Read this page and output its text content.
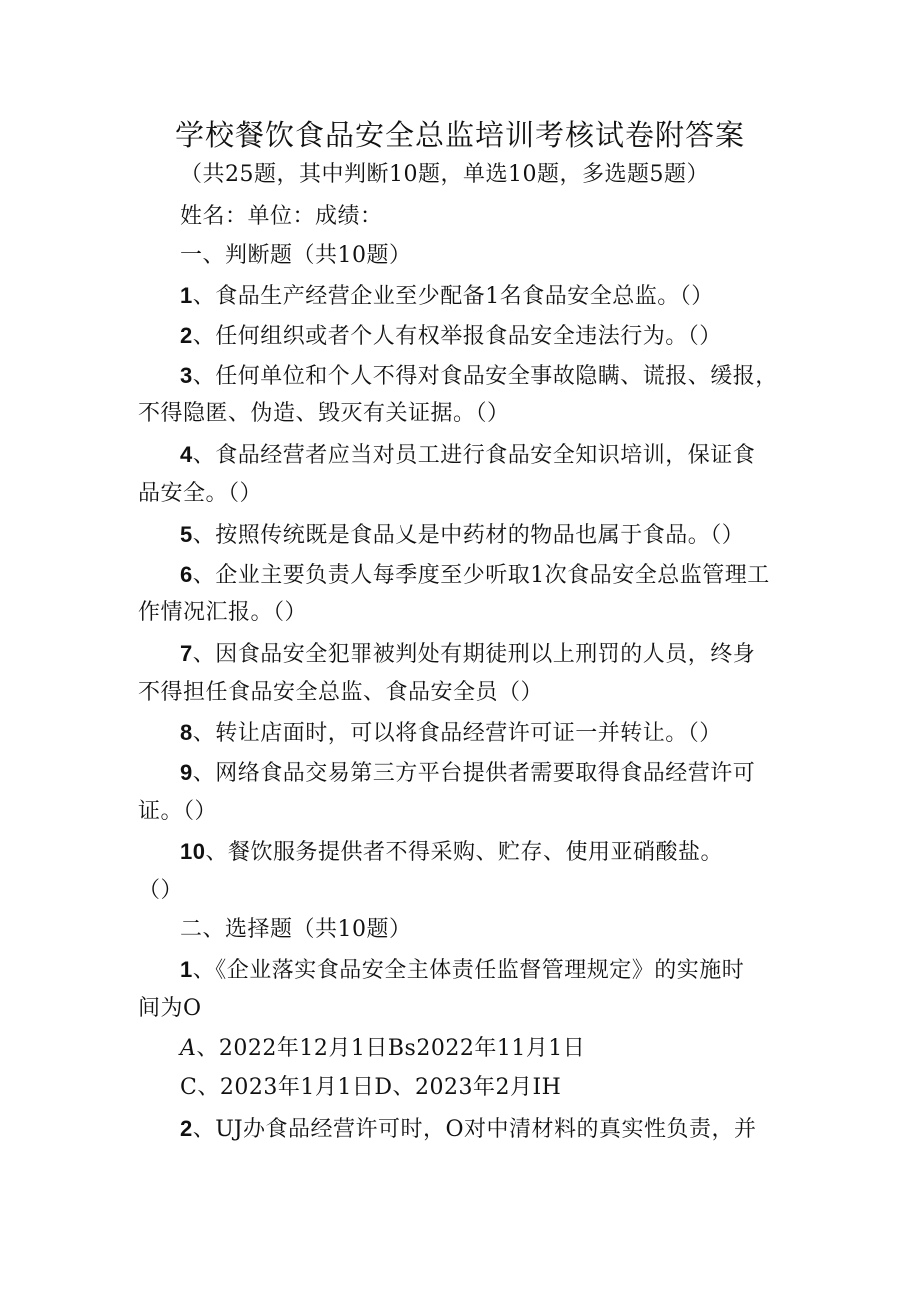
学校餐饮食品安全总监培训考核试卷附答案
（共25题，其中判断10题，单选10题，多选题5题）
姓名：单位：成绩：
一、判断题（共10题）
1、食品生产经营企业至少配备1名食品安全总监。（）
2、任何组织或者个人有权举报食品安全违法行为。（）
3、任何单位和个人不得对食品安全事故隐瞒、谎报、缓报，
不得隐匿、伪造、毁灭有关证据。（）
4、食品经营者应当对员工进行食品安全知识培训，保证食
品安全。（）
5、按照传统既是食品乂是中药材的物品也属于食品。（）
6、企业主要负责人每季度至少听取1次食品安全总监管理工
作情况汇报。（）
7、因食品安全犯罪被判处有期徒刑以上刑罚的人员，终身
不得担任食品安全总监、食品安全员（）
8、转让店面时，可以将食品经营许可证一并转让。（）
9、网络食品交易第三方平台提供者需要取得食品经营许可
证。（）
10、餐饮服务提供者不得采购、贮存、使用亚硝酸盐。
（）
二、选择题（共10题）
1、《企业落实食品安全主体责任监督管理规定》的实施时
间为O
A、2022年12月1日Bs2022年11月1日
C、2023年1月1日D、2023年2月IH
2、UJ办食品经营许可时，O对中清材料的真实性负责，并
